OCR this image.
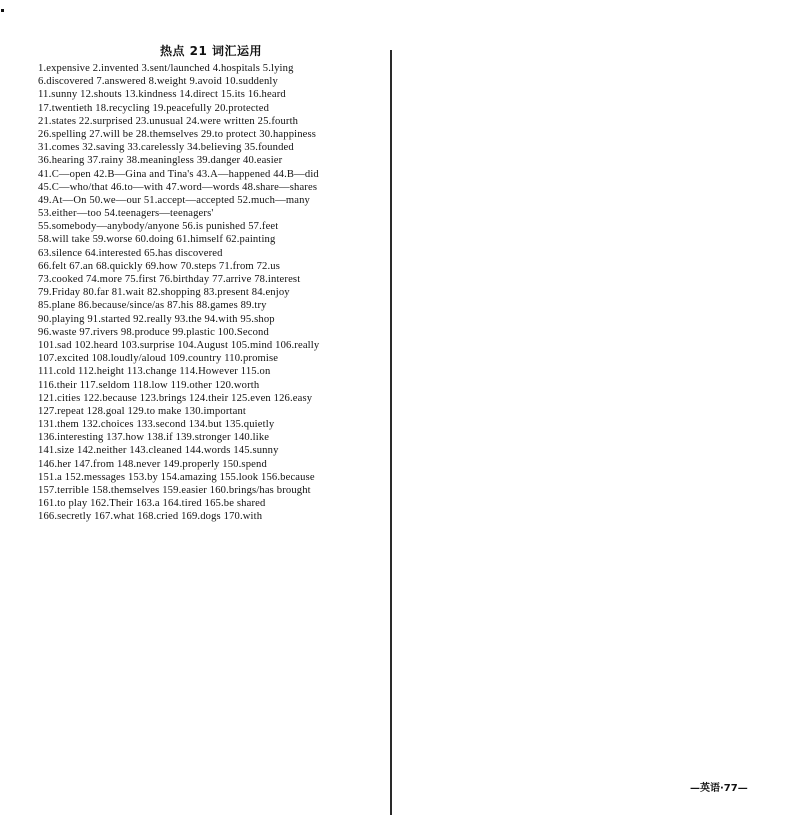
热点 21 词汇运用
1.expensive 2.invented 3.sent/launched 4.hospitals 5.lying
6.discovered 7.answered 8.weight 9.avoid 10.suddenly
11.sunny 12.shouts 13.kindness 14.direct 15.its 16.heard
17.twentieth 18.recycling 19.peacefully 20.protected
21.states 22.surprised 23.unusual 24.were written 25.fourth
26.spelling 27.will be 28.themselves 29.to protect 30.happiness
31.comes 32.saving 33.carelessly 34.believing 35.founded
36.hearing 37.rainy 38.meaningless 39.danger 40.easier
41.C—open 42.B—Gina and Tina's 43.A—happened 44.B—did
45.C—who/that 46.to—with 47.word—words 48.share—shares
49.At—On 50.we—our 51.accept—accepted 52.much—many
53.either—too 54.teenagers—teenagers'
55.somebody—anybody/anyone 56.is punished 57.feet
58.will take 59.worse 60.doing 61.himself 62.painting
63.silence 64.interested 65.has discovered
66.felt 67.an 68.quickly 69.how 70.steps 71.from 72.us
73.cooked 74.more 75.first 76.birthday 77.arrive 78.interest
79.Friday 80.far 81.wait 82.shopping 83.present 84.enjoy
85.plane 86.because/since/as 87.his 88.games 89.try
90.playing 91.started 92.really 93.the 94.with 95.shop
96.waste 97.rivers 98.produce 99.plastic 100.Second
101.sad 102.heard 103.surprise 104.August 105.mind 106.really
107.excited 108.loudly/aloud 109.country 110.promise
111.cold 112.height 113.change 114.However 115.on
116.their 117.seldom 118.low 119.other 120.worth
121.cities 122.because 123.brings 124.their 125.even 126.easy
127.repeat 128.goal 129.to make 130.important
131.them 132.choices 133.second 134.but 135.quietly
136.interesting 137.how 138.if 139.stronger 140.like
141.size 142.neither 143.cleaned 144.words 145.sunny
146.her 147.from 148.never 149.properly 150.spend
151.a 152.messages 153.by 154.amazing 155.look 156.because
157.terrible 158.themselves 159.easier 160.brings/has brought
161.to play 162.Their 163.a 164.tired 165.be shared
166.secretly 167.what 168.cried 169.dogs 170.with
—英语·77—
